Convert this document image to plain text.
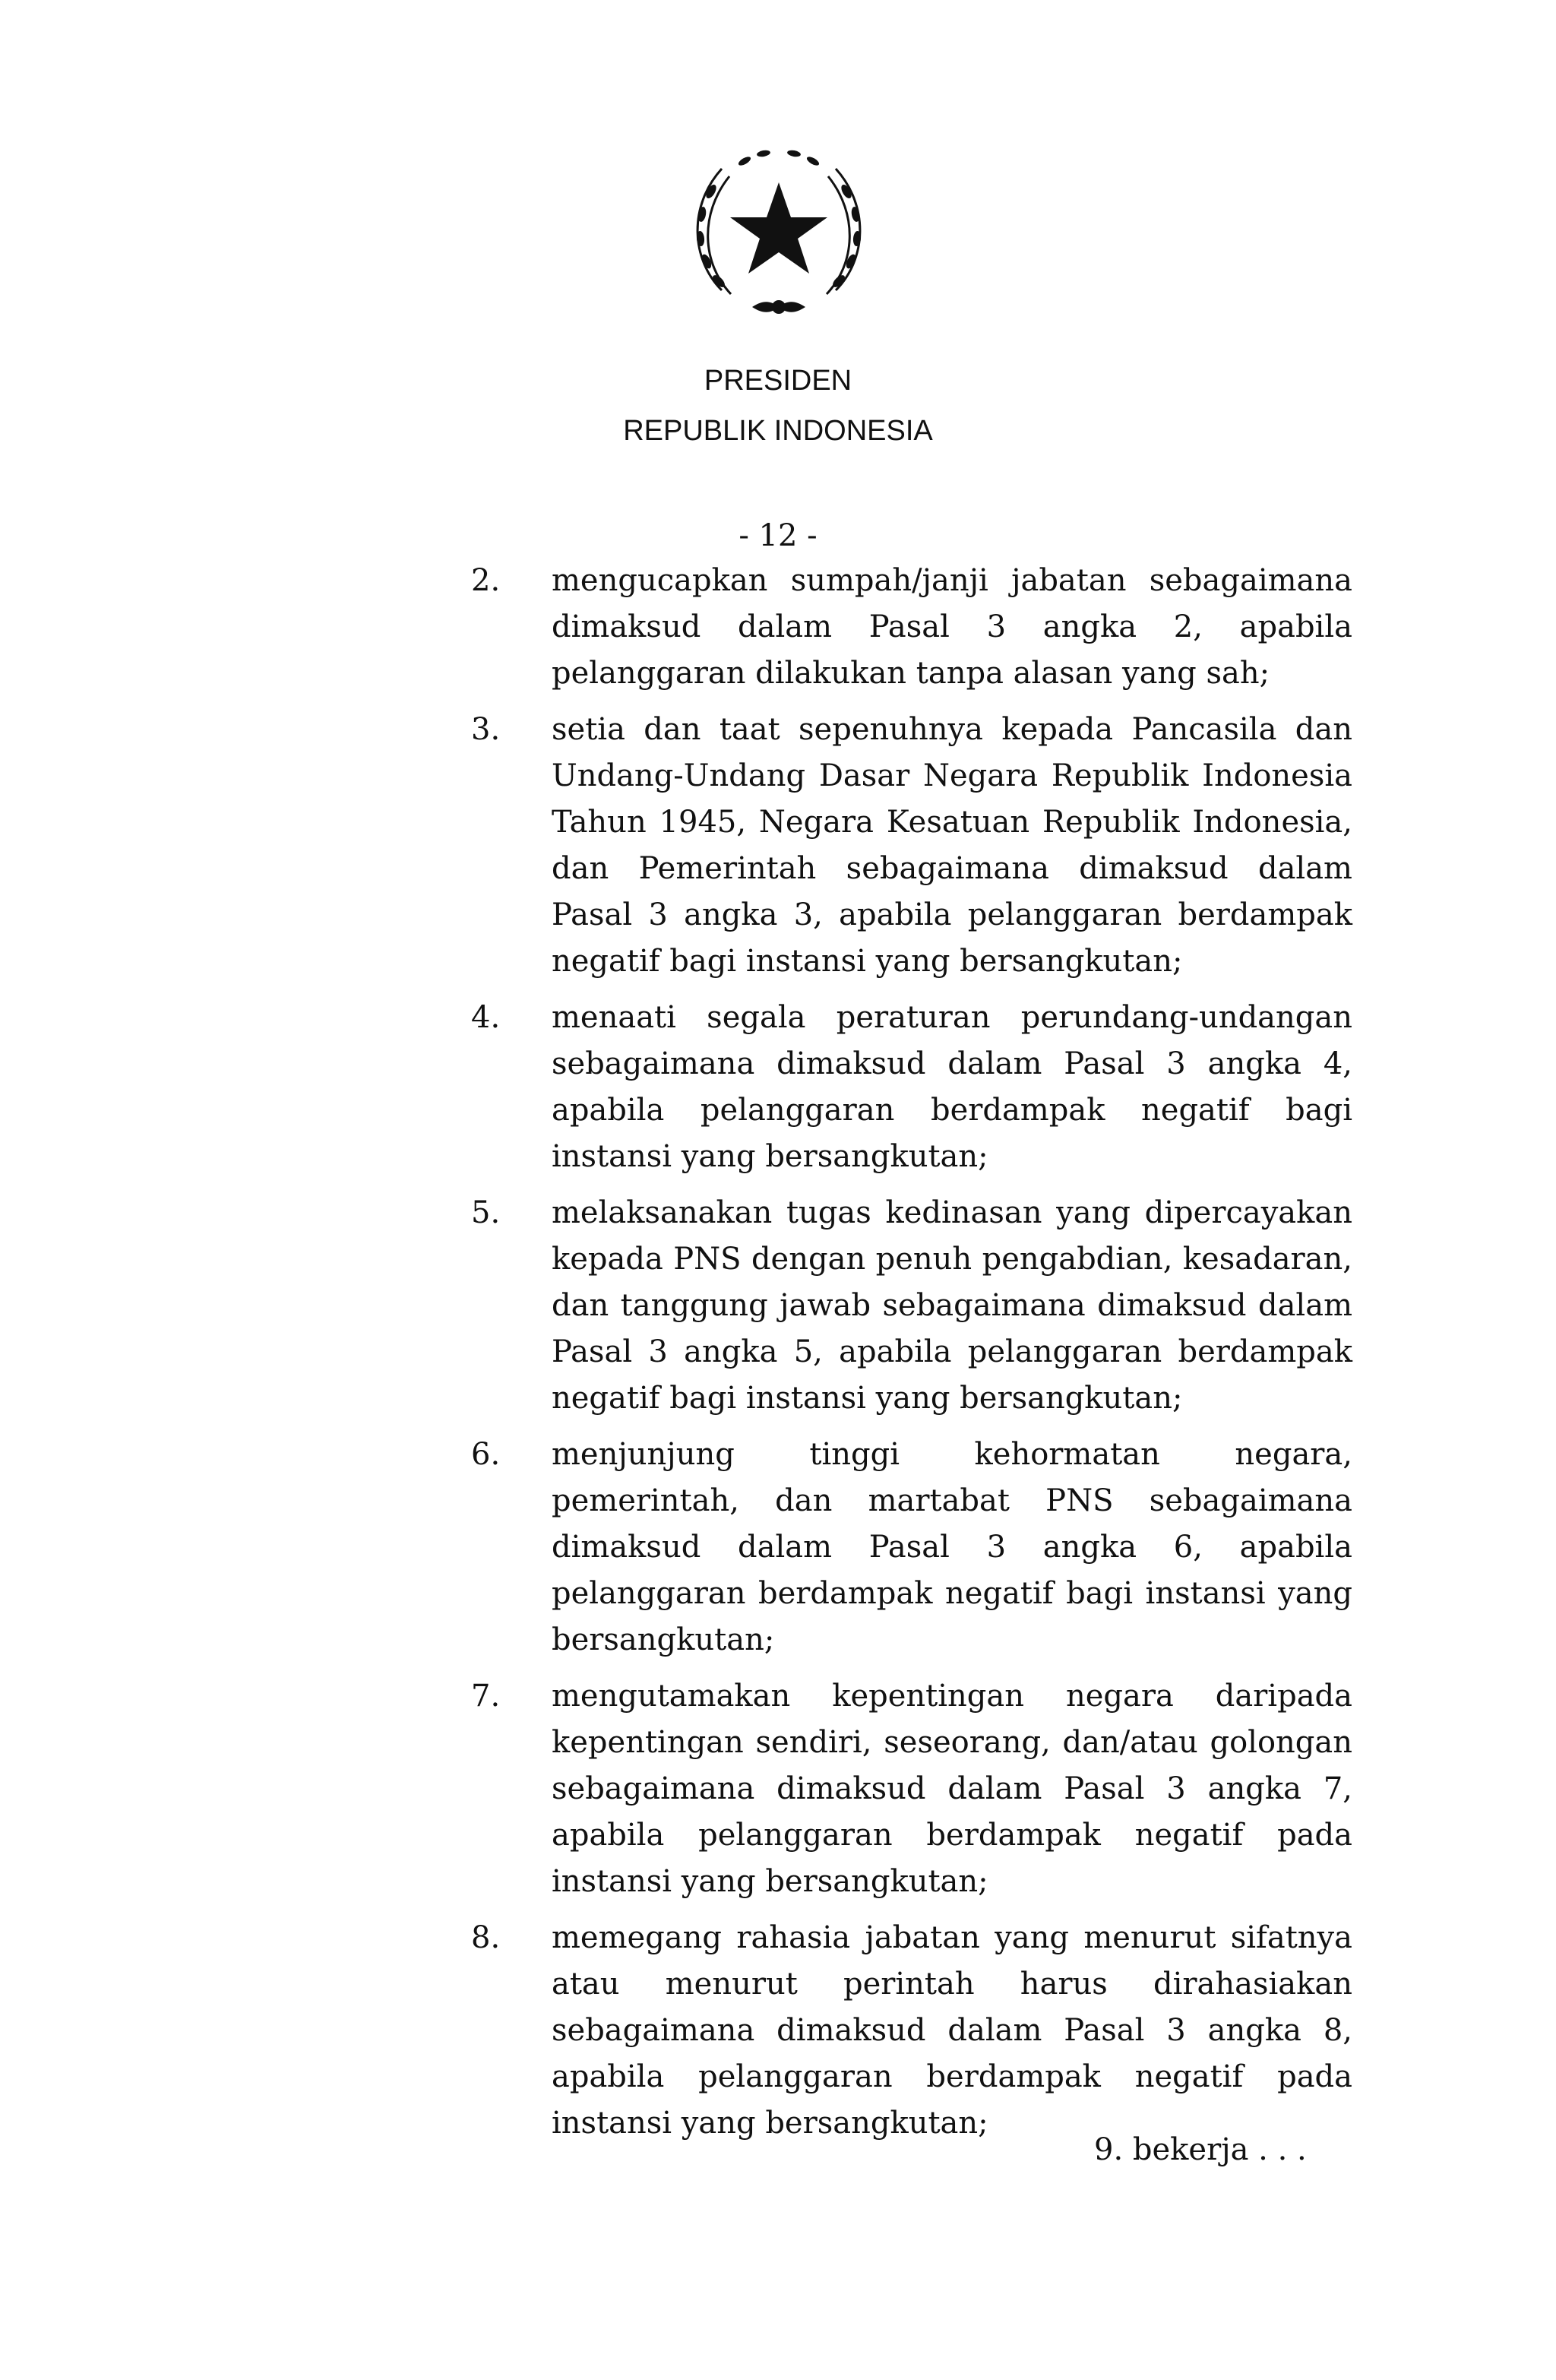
PRESIDEN
REPUBLIK INDONESIA
- 12 -
2.	mengucapkan sumpah/janji jabatan sebagaimana dimaksud dalam Pasal 3 angka 2, apabila pelanggaran dilakukan tanpa alasan yang sah;
3.	setia dan taat sepenuhnya kepada Pancasila dan Undang-Undang Dasar Negara Republik Indonesia Tahun 1945, Negara Kesatuan Republik Indonesia, dan Pemerintah sebagaimana dimaksud dalam Pasal 3 angka 3, apabila pelanggaran berdampak negatif bagi instansi yang bersangkutan;
4.	menaati segala peraturan perundang-undangan sebagaimana dimaksud dalam Pasal 3 angka 4, apabila pelanggaran berdampak negatif bagi instansi yang bersangkutan;
5.	melaksanakan tugas kedinasan yang dipercayakan kepada PNS dengan penuh pengabdian, kesadaran, dan tanggung jawab sebagaimana dimaksud dalam Pasal 3 angka 5, apabila pelanggaran berdampak negatif bagi instansi yang bersangkutan;
6.	menjunjung tinggi kehormatan negara, pemerintah, dan martabat PNS sebagaimana dimaksud dalam Pasal 3 angka 6, apabila pelanggaran berdampak negatif bagi instansi yang bersangkutan;
7.	mengutamakan kepentingan negara daripada kepentingan sendiri, seseorang, dan/atau golongan sebagaimana dimaksud dalam Pasal 3 angka 7, apabila pelanggaran berdampak negatif pada instansi yang bersangkutan;
8.	memegang rahasia jabatan yang menurut sifatnya atau menurut perintah harus dirahasiakan sebagaimana dimaksud dalam Pasal 3 angka 8, apabila pelanggaran berdampak negatif pada instansi yang bersangkutan;
9. bekerja . . .
